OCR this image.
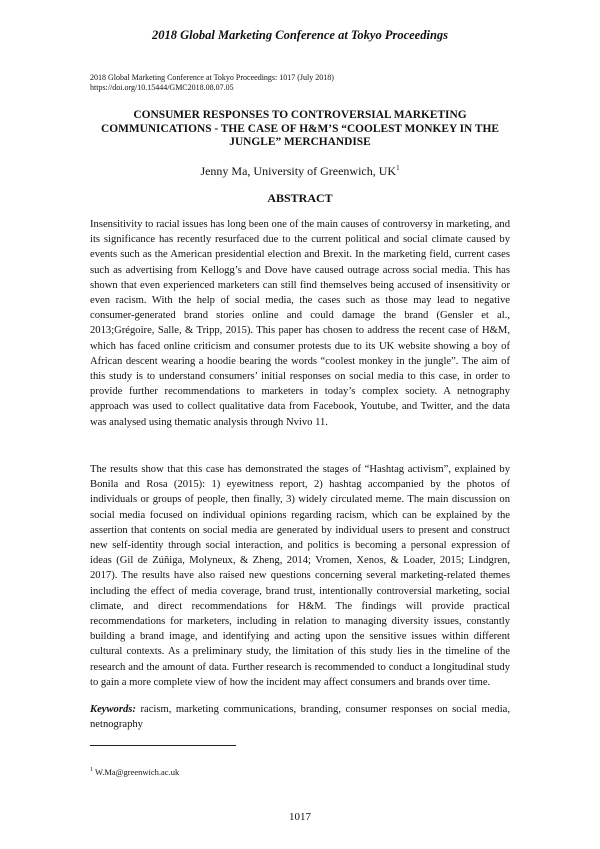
2018 Global Marketing Conference at Tokyo Proceedings
2018 Global Marketing Conference at Tokyo Proceedings: 1017 (July 2018)
https://doi.org/10.15444/GMC2018.08.07.05
CONSUMER RESPONSES TO CONTROVERSIAL MARKETING COMMUNICATIONS - THE CASE OF H&M’S “COOLEST MONKEY IN THE JUNGLE” MERCHANDISE
Jenny Ma, University of Greenwich, $UK^1$
ABSTRACT
Insensitivity to racial issues has long been one of the main causes of controversy in marketing, and its significance has recently resurfaced due to the current political and social climate caused by events such as the American presidential election and Brexit. In the marketing field, current cases such as advertising from Kellogg’s and Dove have caused outrage across social media. This has shown that even experienced marketers can still find themselves being accused of insensitivity or even racism. With the help of social media, the cases such as those may lead to negative consumer-generated brand stories online and could damage the brand (Gensler et al., 2013;Grégoire, Salle, & Tripp, 2015). This paper has chosen to address the recent case of H&M, which has faced online criticism and consumer protests due to its UK website showing a boy of African descent wearing a hoodie bearing the words “coolest monkey in the jungle”. The aim of this study is to understand consumers’ initial responses on social media to this case, in order to provide further recommendations to marketers in today’s complex society. A netnography approach was used to collect qualitative data from Facebook, Youtube, and Twitter, and the data was analysed using thematic analysis through Nvivo 11.
The results show that this case has demonstrated the stages of “Hashtag activism”, explained by Bonila and Rosa (2015): 1) eyewitness report, 2) hashtag accompanied by the photos of individuals or groups of people, then finally, 3) widely circulated meme. The main discussion on social media focused on individual opinions regarding racism, which can be explained by the assertion that contents on social media are generated by individual users to present and construct new self-identity through social interaction, and politics is becoming a personal expression of ideas (Gil de Zúñiga, Molyneux, & Zheng, 2014; Vromen, Xenos, & Loader, 2015; Lindgren, 2017). The results have also raised new questions concerning several marketing-related themes including the effect of media coverage, brand trust, intentionally controversial marketing, social climate, and direct recommendations for H&M. The findings will provide practical recommendations for marketers, including in relation to managing diversity issues, constantly building a brand image, and identifying and acting upon the sensitive issues within different cultural contexts. As a preliminary study, the limitation of this study lies in the timeline of the research and the amount of data. Further research is recommended to conduct a longitudinal study to gain a more complete view of how the incident may affect consumers and brands over time.
Keywords: racism, marketing communications, branding, consumer responses on social media, netnography
$^1$ W.Ma@greenwich.ac.uk
1017
